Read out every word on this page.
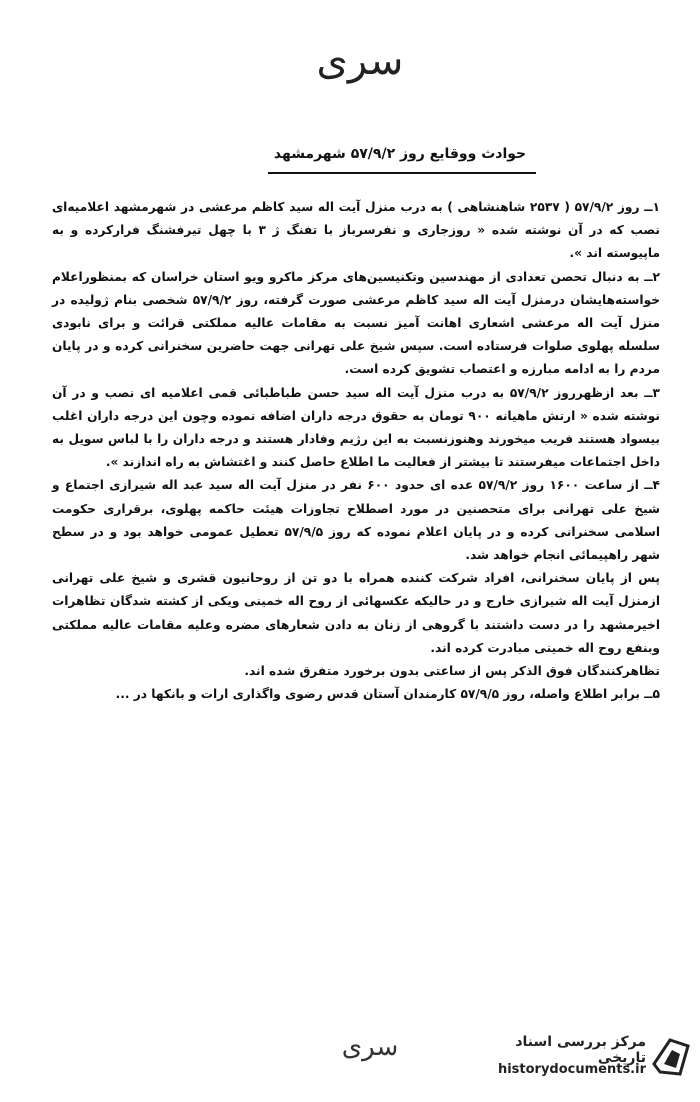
سری
حوادث ووقایع روز ۵۷/۹/۲ شهرمشهد

۱ــ روز ۵۷/۹/۲ ( ۲۵۳۷ شاهنشاهی ) به درب منزل آیت اله سید کاظم مرعشی در شهرمشهد اعلامیه‌ای نصب که در آن نوشته شده « روزجاری و نفرسرباز با تفنگ ژ ۳ با چهل تیرفشنگ فرارکرده و به ماپیوسته اند ».

۲ــ به دنبال تحصن تعدادی از مهندسین وتکنیسین‌های مرکز ماکرو ویو استان خراسان که بمنظوراعلام خواسته‌هایشان درمنزل آیت اله سید کاظم مرعشی صورت گرفته، روز ۵۷/۹/۲ شخصی بنام ژولیده در منزل آیت اله مرعشی اشعاری اهانت آمیز نسبت به مقامات عالیه مملکتی قرائت و برای نابودی سلسله پهلوی صلوات فرستاده است. سپس شیخ علی تهرانی جهت حاضرین سخنرانی کرده و در پایان مردم را به ادامه مبارزه و اعتصاب تشویق کرده است.

۳ــ بعد ازظهرروز ۵۷/۹/۲ به درب منزل آیت اله سید حسن طباطبائی قمی اعلامیه ای نصب و در آن نوشته شده « ارتش ماهیانه ۹۰۰ تومان به حقوق درجه داران اضافه نموده وچون این درجه داران اغلب بیسواد هستند فریب میخورند وهنوزنسبت به این رژیم وفادار هستند و درجه داران را با لباس سویل به داخل اجتماعات میفرستند تا بیشتر از فعالیت ما اطلاع حاصل کنند و اغتشاش به راه اندازند ».

۴ــ از ساعت ۱۶۰۰ روز ۵۷/۹/۲ عده ای حدود ۶۰۰ نفر در منزل آیت اله سید عبد اله شیرازی اجتماع و شیخ علی تهرانی برای متحصنین در مورد اصطلاح تجاوزات هیئت حاکمه پهلوی، برقراری حکومت اسلامی سخنرانی کرده و در پایان اعلام نموده که روز ۵۷/۹/۵ تعطیل عمومی خواهد بود و در سطح شهر راهپیمائی انجام خواهد شد.

پس از پایان سخنرانی، افراد شرکت کننده همراه با دو تن از روحانیون قشری و شیخ علی تهرانی ازمنزل آیت اله شیرازی خارج و در حالیکه عکسهائی از روح اله خمینی ویکی از کشته شدگان تظاهرات اخیرمشهد را در دست داشتند با گروهی از زنان به دادن شعارهای مضره وعلیه مقامات عالیه مملکتی وبنفع روح اله خمینی مبادرت کرده اند.

تظاهرکنندگان فوق الذکر پس از ساعتی بدون برخورد متفرق شده اند.

۵ــ برابر اطلاع واصله، روز ۵۷/۹/۵ کارمندان آستان قدس رضوی واگذاری ارات و بانکها در ...

سری	مرکز بررسی اسناد تاریخی
historydocuments.ir
